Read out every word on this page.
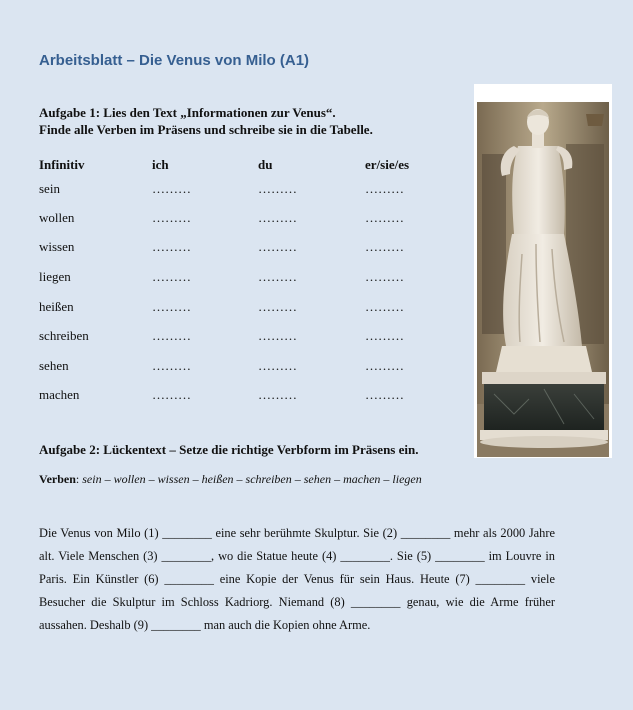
Arbeitsblatt – Die Venus von Milo (A1)
Aufgabe 1: Lies den Text „Informationen zur Venus“.
Finde alle Verben im Präsens und schreibe sie in die Tabelle.
Infinitiv	ich	du	er/sie/es
sein	………	………	………
wollen	………	………	………
wissen	………	………	………
liegen	………	………	………
heißen	………	………	………
schreiben	………	………	………
sehen	………	………	………
machen	………	………	………
Aufgabe 2: Lückentext – Setze die richtige Verbform im Präsens ein.
Verben: sein – wollen – wissen – heißen – schreiben – sehen – machen – liegen
Die Venus von Milo (1) ________ eine sehr berühmte Skulptur. Sie (2) ________ mehr als 2000 Jahre alt. Viele Menschen (3) ________, wo die Statue heute (4) ________. Sie (5) ________ im Louvre in Paris. Ein Künstler (6) ________ eine Kopie der Venus für sein Haus. Heute (7) ________ viele Besucher die Skulptur im Schloss Kadriorg. Niemand (8) ________ genau, wie die Arme früher aussahen. Deshalb (9) ________ man auch die Kopien ohne Arme.
